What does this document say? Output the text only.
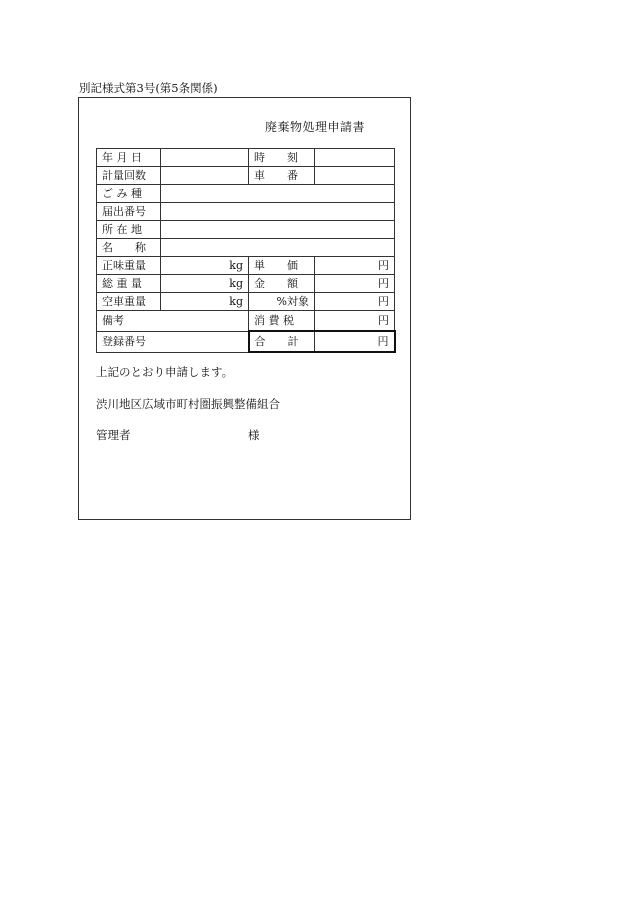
別記様式第3号(第5条関係)
廃棄物処理申請書
年 月 日		時　　刻	
計量回数		車　　番	
ご み 種			
届出番号			
所 在 地			
名　　称			
正味重量	kg	単　　価	円
総 重 量	kg	金　　額	円
空車重量	kg	%対象	円
備考		消 費 税	円
登録番号		合　　計	円
上記のとおり申請します。
渋川地区広域市町村圏振興整備組合
管理者	様
